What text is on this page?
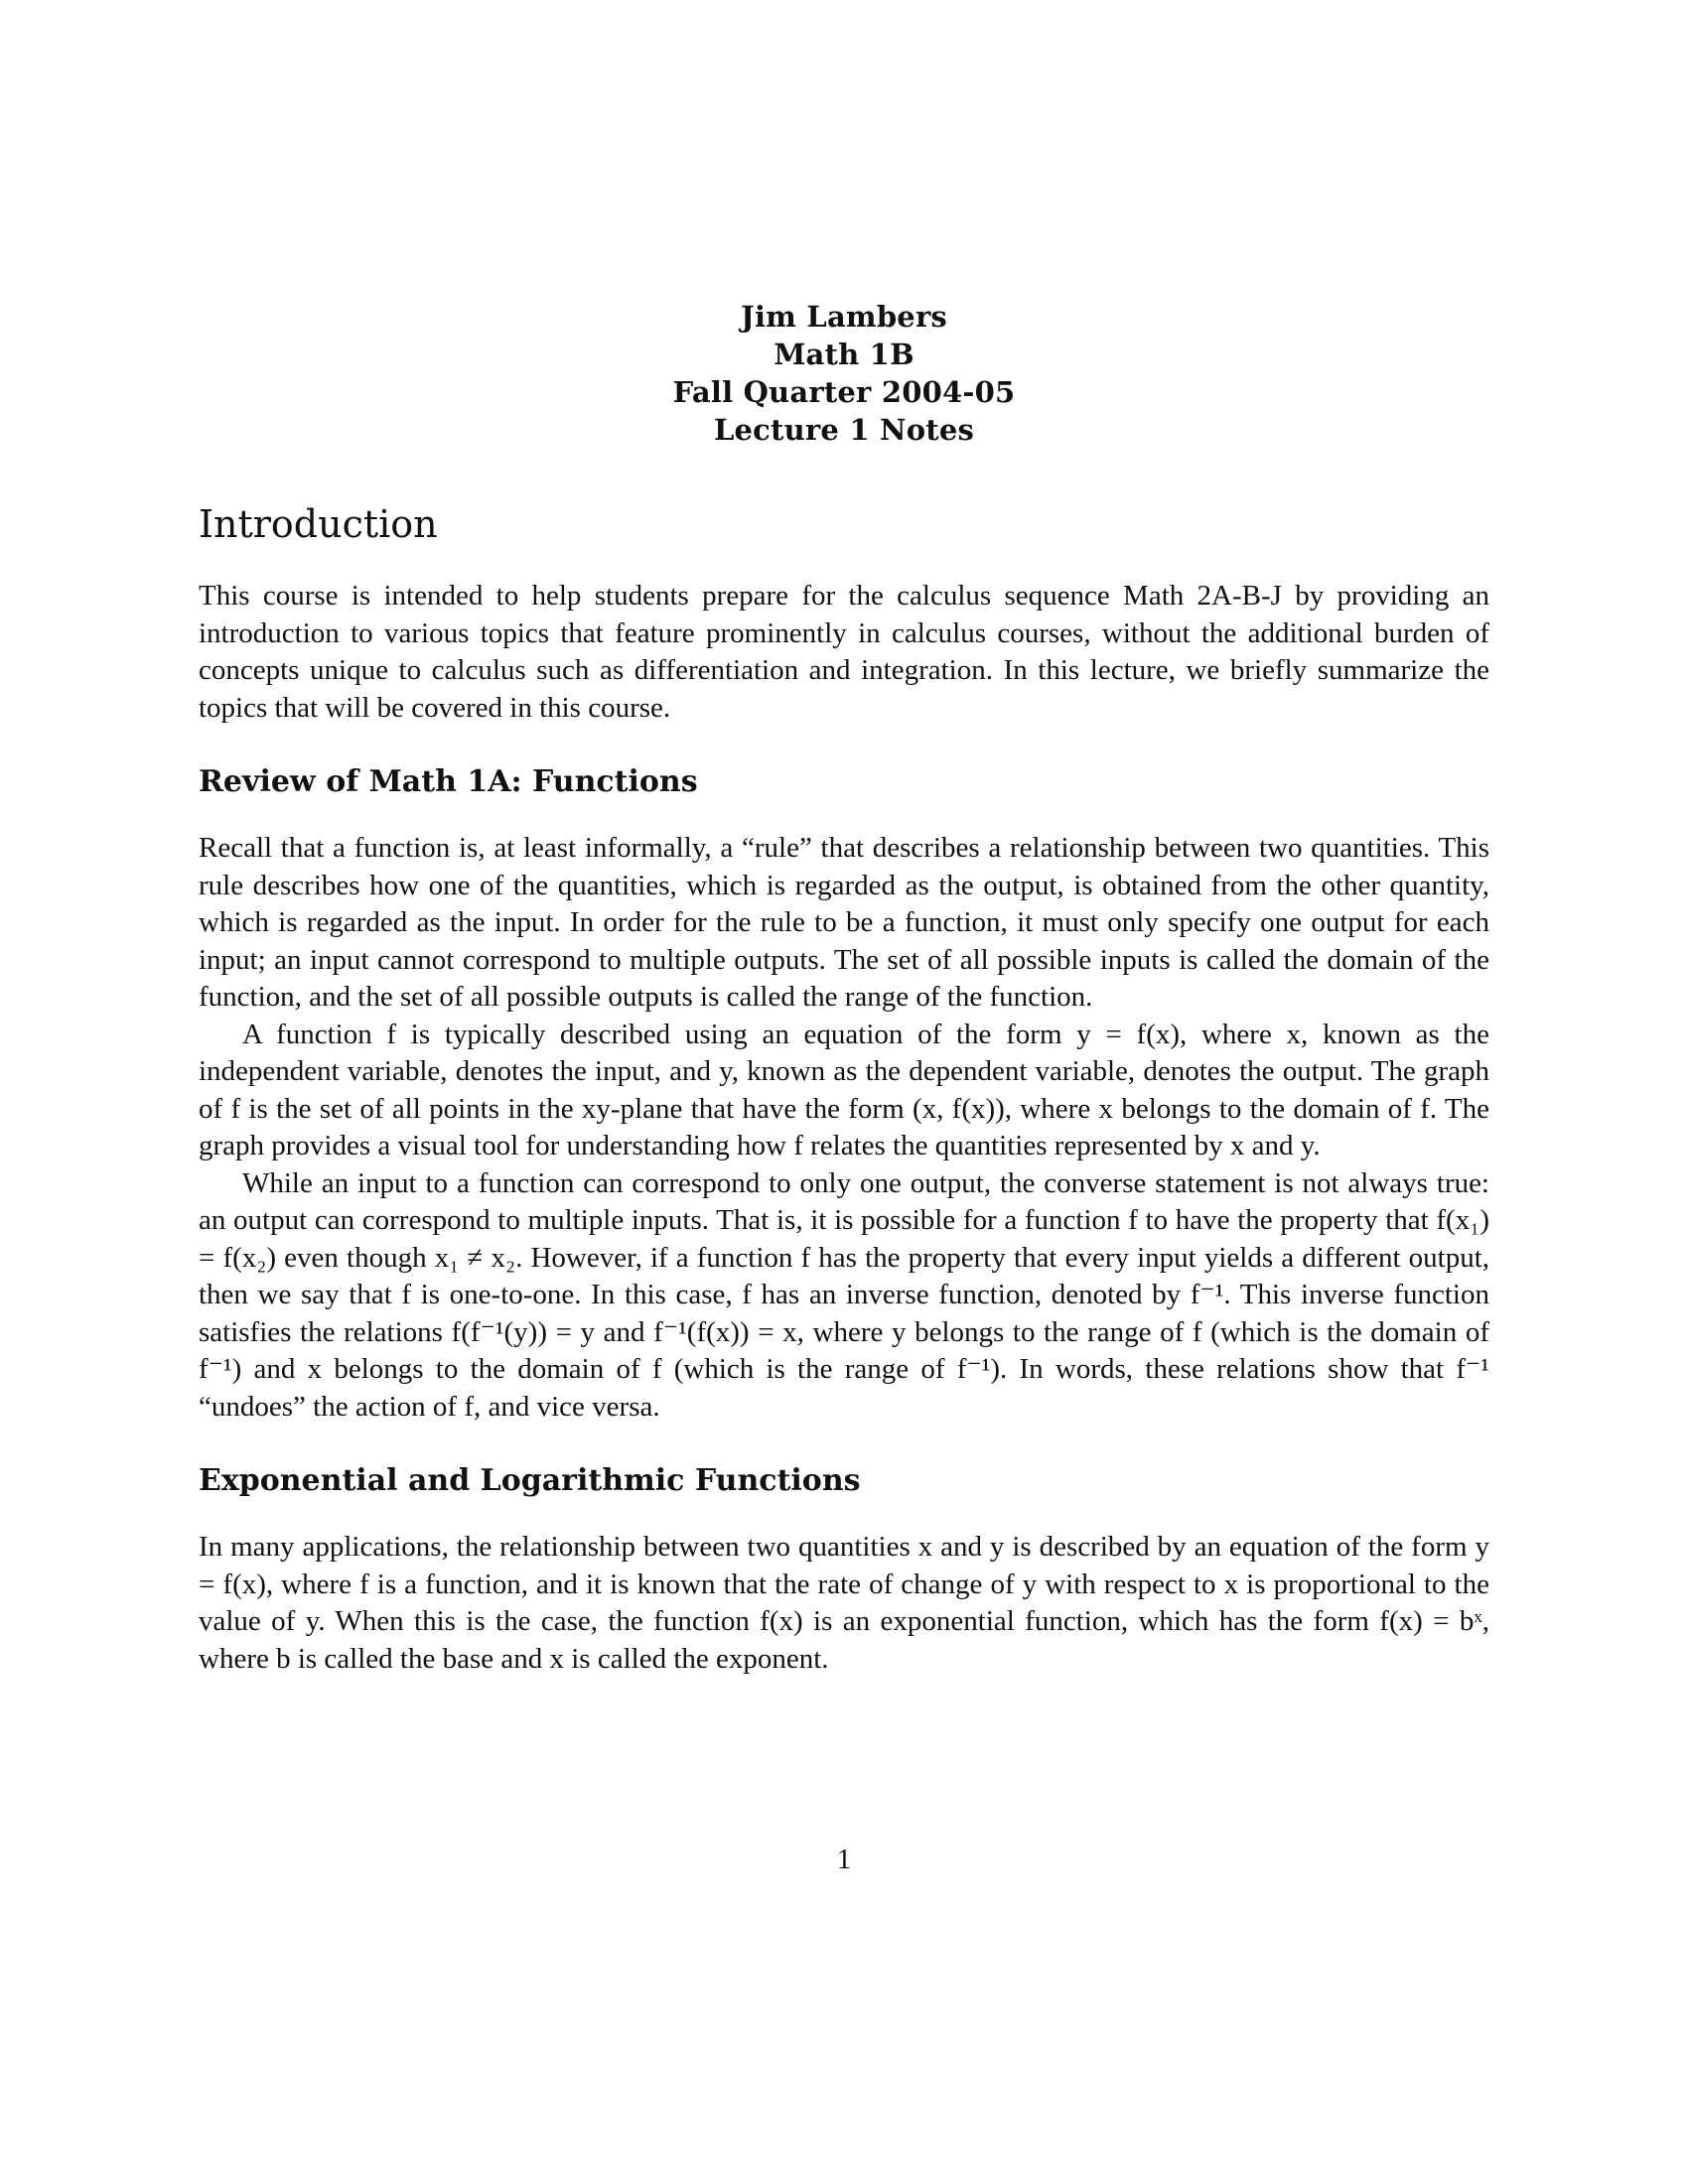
Jim Lambers
Math 1B
Fall Quarter 2004-05
Lecture 1 Notes
Introduction

This course is intended to help students prepare for the calculus sequence Math 2A-B-J by providing an introduction to various topics that feature prominently in calculus courses, without the additional burden of concepts unique to calculus such as differentiation and integration. In this lecture, we briefly summarize the topics that will be covered in this course.

Review of Math 1A: Functions

Recall that a function is, at least informally, a “rule” that describes a relationship between two quantities. This rule describes how one of the quantities, which is regarded as the output, is obtained from the other quantity, which is regarded as the input. In order for the rule to be a function, it must only specify one output for each input; an input cannot correspond to multiple outputs. The set of all possible inputs is called the domain of the function, and the set of all possible outputs is called the range of the function.

A function f is typically described using an equation of the form y = f(x), where x, known as the independent variable, denotes the input, and y, known as the dependent variable, denotes the output. The graph of f is the set of all points in the xy-plane that have the form (x, f(x)), where x belongs to the domain of f. The graph provides a visual tool for understanding how f relates the quantities represented by x and y.

While an input to a function can correspond to only one output, the converse statement is not always true: an output can correspond to multiple inputs. That is, it is possible for a function f to have the property that f(x₁) = f(x₂) even though x₁ ≠ x₂. However, if a function f has the property that every input yields a different output, then we say that f is one-to-one. In this case, f has an inverse function, denoted by f⁻¹. This inverse function satisfies the relations f(f⁻¹(y)) = y and f⁻¹(f(x)) = x, where y belongs to the range of f (which is the domain of f⁻¹) and x belongs to the domain of f (which is the range of f⁻¹). In words, these relations show that f⁻¹ “undoes” the action of f, and vice versa.

Exponential and Logarithmic Functions

In many applications, the relationship between two quantities x and y is described by an equation of the form y = f(x), where f is a function, and it is known that the rate of change of y with respect to x is proportional to the value of y. When this is the case, the function f(x) is an exponential function, which has the form f(x) = bˣ, where b is called the base and x is called the exponent.

1
